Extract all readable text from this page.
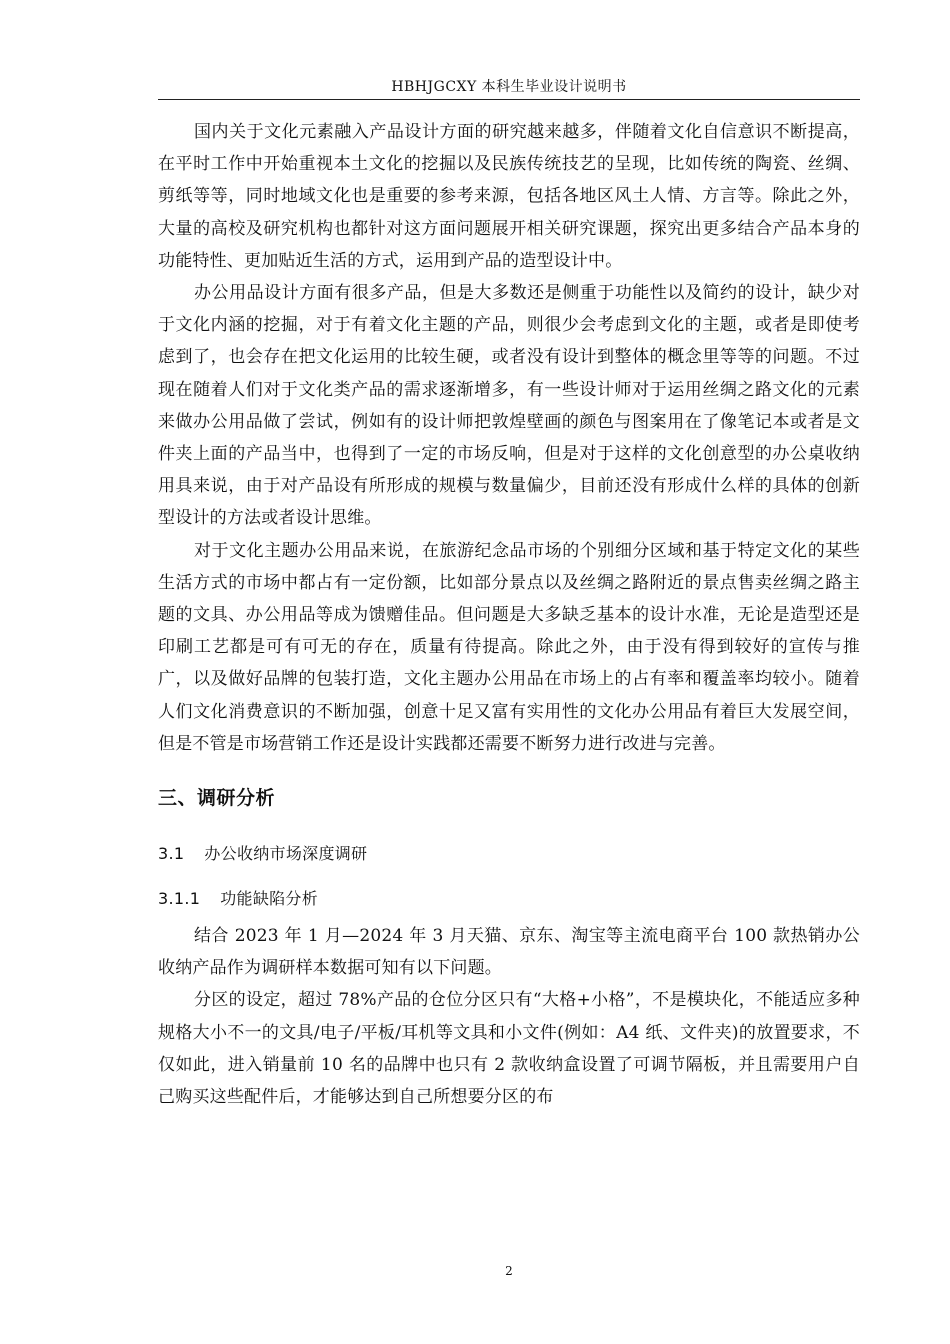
HBHJGCXY 本科生毕业设计说明书

国内关于文化元素融入产品设计方面的研究越来越多，伴随着文化自信意识不断提高，在平时工作中开始重视本土文化的挖掘以及民族传统技艺的呈现，比如传统的陶瓷、丝绸、剪纸等等，同时地域文化也是重要的参考来源，包括各地区风土人情、方言等。除此之外，大量的高校及研究机构也都针对这方面问题展开相关研究课题，探究出更多结合产品本身的功能特性、更加贴近生活的方式，运用到产品的造型设计中。

办公用品设计方面有很多产品，但是大多数还是侧重于功能性以及简约的设计，缺少对于文化内涵的挖掘，对于有着文化主题的产品，则很少会考虑到文化的主题，或者是即使考虑到了，也会存在把文化运用的比较生硬，或者没有设计到整体的概念里等等的问题。不过现在随着人们对于文化类产品的需求逐渐增多，有一些设计师对于运用丝绸之路文化的元素来做办公用品做了尝试，例如有的设计师把敦煌壁画的颜色与图案用在了像笔记本或者是文件夹上面的产品当中，也得到了一定的市场反响，但是对于这样的文化创意型的办公桌收纳用具来说，由于对产品设有所形成的规模与数量偏少，目前还没有形成什么样的具体的创新型设计的方法或者设计思维。

对于文化主题办公用品来说，在旅游纪念品市场的个别细分区域和基于特定文化的某些生活方式的市场中都占有一定份额，比如部分景点以及丝绸之路附近的景点售卖丝绸之路主题的文具、办公用品等成为馈赠佳品。但问题是大多缺乏基本的设计水准，无论是造型还是印刷工艺都是可有可无的存在，质量有待提高。除此之外，由于没有得到较好的宣传与推广，以及做好品牌的包装打造，文化主题办公用品在市场上的占有率和覆盖率均较小。随着人们文化消费意识的不断加强，创意十足又富有实用性的文化办公用品有着巨大发展空间，但是不管是市场营销工作还是设计实践都还需要不断努力进行改进与完善。

三、调研分析
3.1 办公收纳市场深度调研
3.1.1 功能缺陷分析

结合 2023 年 1 月—2024 年 3 月天猫、京东、淘宝等主流电商平台 100 款热销办公收纳产品作为调研样本数据可知有以下问题。

分区的设定，超过 78%产品的仓位分区只有“大格+小格”，不是模块化，不能适应多种规格大小不一的文具/电子/平板/耳机等文具和小文件(例如：A4 纸、文件夹)的放置要求，不仅如此，进入销量前 10 名的品牌中也只有 2 款收纳盒设置了可调节隔板，并且需要用户自己购买这些配件后，才能够达到自己所想要分区的布

2
